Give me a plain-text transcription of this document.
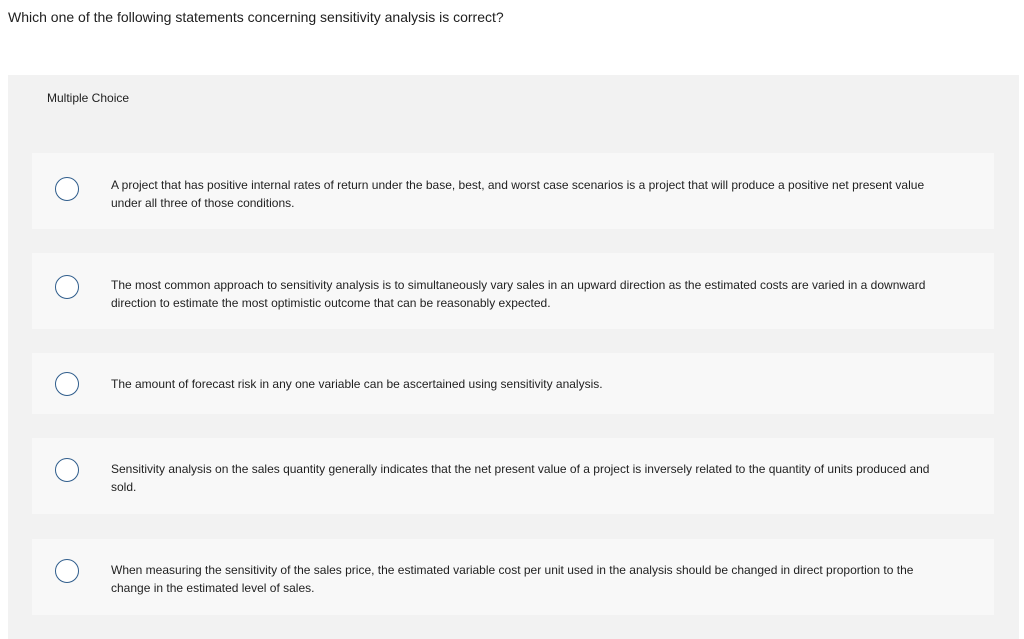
Which one of the following statements concerning sensitivity analysis is correct?
Multiple Choice
A project that has positive internal rates of return under the base, best, and worst case scenarios is a project that will produce a positive net present value under all three of those conditions.
The most common approach to sensitivity analysis is to simultaneously vary sales in an upward direction as the estimated costs are varied in a downward direction to estimate the most optimistic outcome that can be reasonably expected.
The amount of forecast risk in any one variable can be ascertained using sensitivity analysis.
Sensitivity analysis on the sales quantity generally indicates that the net present value of a project is inversely related to the quantity of units produced and sold.
When measuring the sensitivity of the sales price, the estimated variable cost per unit used in the analysis should be changed in direct proportion to the change in the estimated level of sales.
